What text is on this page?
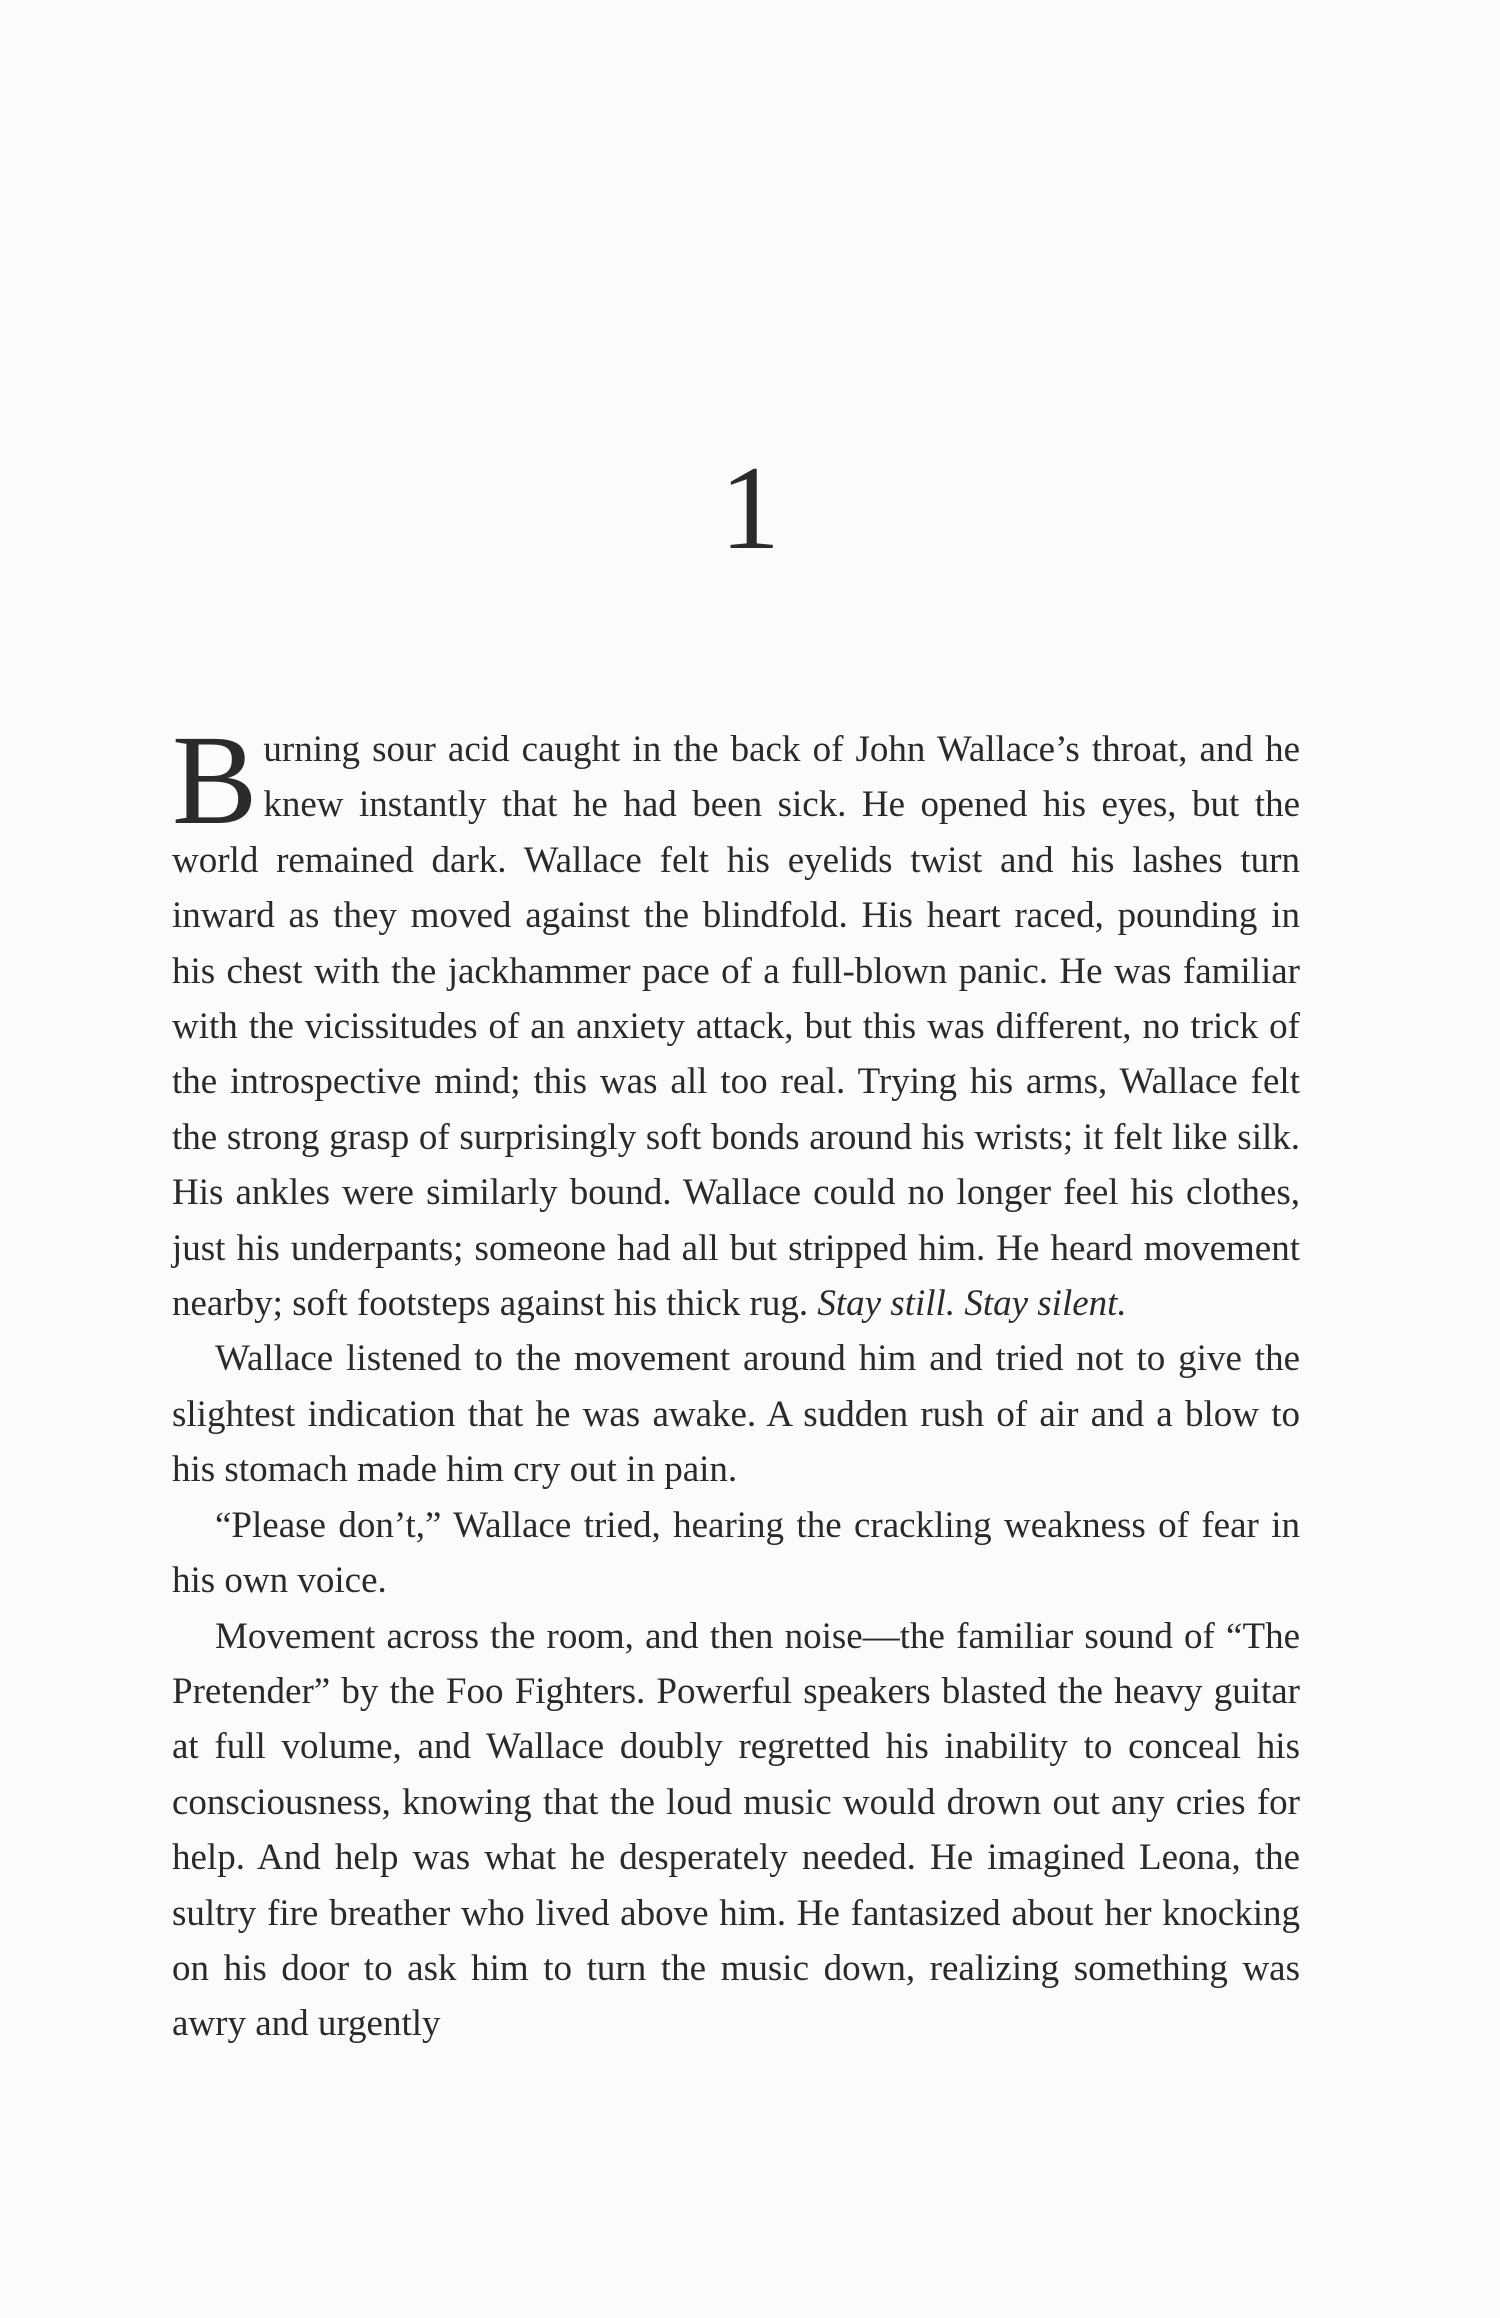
1

Burning sour acid caught in the back of John Wallace’s throat, and he knew instantly that he had been sick. He opened his eyes, but the world remained dark. Wallace felt his eyelids twist and his lashes turn inward as they moved against the blindfold. His heart raced, pounding in his chest with the jackhammer pace of a full-blown panic. He was familiar with the vicissitudes of an anxiety attack, but this was different, no trick of the introspective mind; this was all too real. Trying his arms, Wallace felt the strong grasp of surprisingly soft bonds around his wrists; it felt like silk. His ankles were similarly bound. Wallace could no longer feel his clothes, just his underpants; someone had all but stripped him. He heard movement nearby; soft footsteps against his thick rug. Stay still. Stay silent.

Wallace listened to the movement around him and tried not to give the slightest indication that he was awake. A sudden rush of air and a blow to his stomach made him cry out in pain.

“Please don’t,” Wallace tried, hearing the crackling weakness of fear in his own voice.

Movement across the room, and then noise—the familiar sound of “The Pretender” by the Foo Fighters. Powerful speakers blasted the heavy guitar at full volume, and Wallace doubly regretted his inability to conceal his consciousness, knowing that the loud music would drown out any cries for help. And help was what he desperately needed. He imagined Leona, the sultry fire breather who lived above him. He fantasized about her knocking on his door to ask him to turn the music down, realizing something was awry and urgently
